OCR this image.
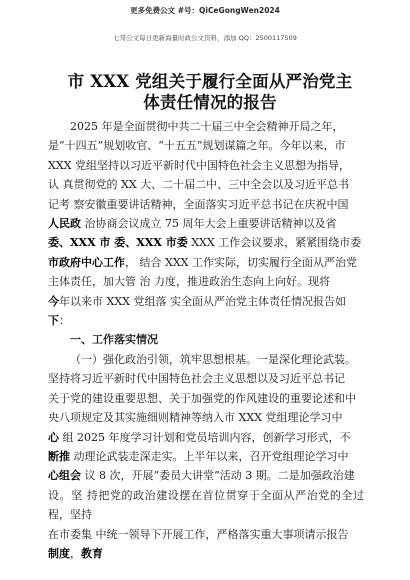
更多免费公文 #号：QiCeGongWen2024
七哥公文每日更新海量时政公文资料，添加 QQ：2500117509
市 XXX 党组关于履行全面从严治党主体责任情况的报告

2025 年是全面贯彻中共二十届三中全会精神开局之年，

是“十四五”规划收官、“十五五”规划谋篇之年。今年以来，市

XXX 党组坚持以习近平新时代中国特色社会主义思想为指导，

认 真贯彻党的 XX 大、二十届二中、三中全会以及习近平总书

记考 察安徽重要讲话精神，全面落实习近平总书记在庆祝中国

人民政 治协商会议成立 75 周年大会上重要讲话精神以及省

委、XXX 市 委、XXX 市委 XXX 工作会议要求，紧紧围绕市委

市政府中心工作， 结合 XXX 工作实际，切实履行全面从严治党

主体责任，加大管 治 力度，推进政治生态向上向好。现将

今年以来市 XXX 党组落 实全面从严治党主体责任情况报告如

下：

一、工作落实情况

（一）强化政治引领，筑牢思想根基。一是深化理论武装。

坚持将习近平新时代中国特色社会主义思想以及习近平总书记

关于党的建设重要思想、关于加强党的作风建设的重要论述和中

央八项规定及其实施细则精神等纳入市 XXX 党组理论学习中

心 组 2025 年度学习计划和党员培训内容，创新学习形式，不

断推 动理论武装走深走实。上半年以来，召开党组理论学习中

心组会 议 8 次，开展“委员大讲堂”活动 3 期。二是加强政治建

设。坚 持把党的政治建设摆在首位贯穿于全面从严治党的全过程，坚持

在市委集 中统一领导下开展工作，严格落实重大事项请示报告

制度，教育
